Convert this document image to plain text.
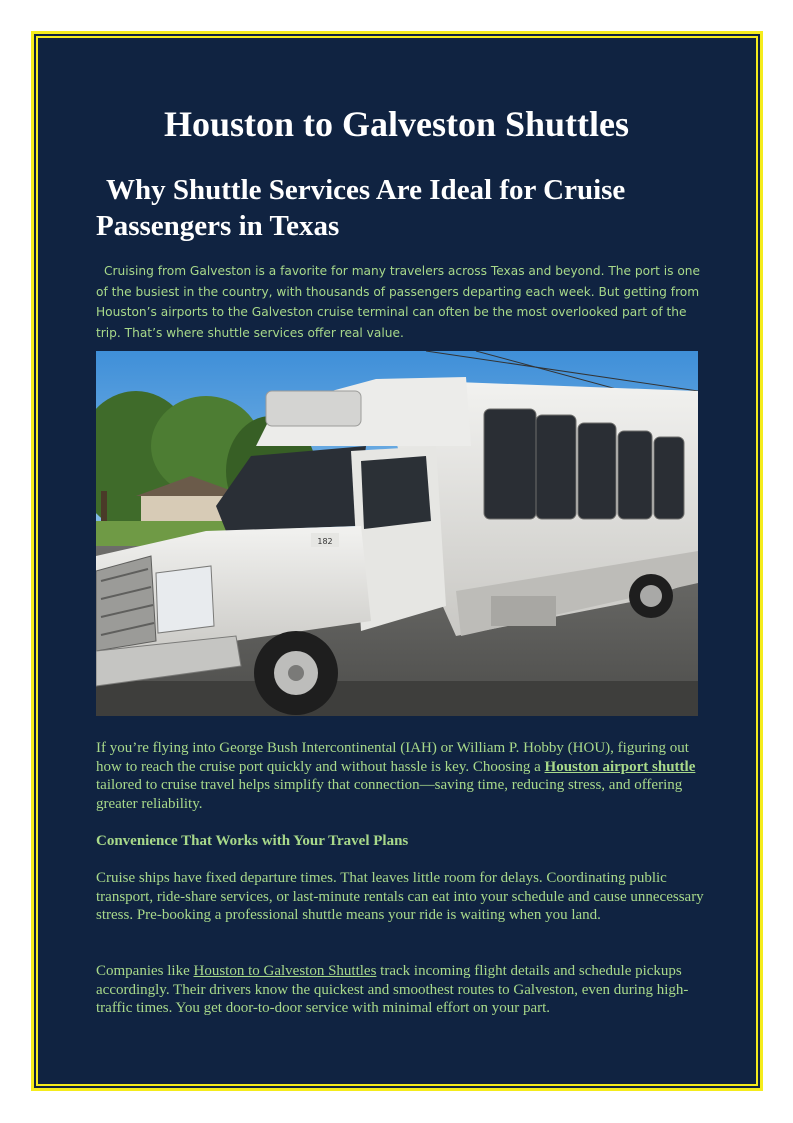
Houston to Galveston Shuttles
Why Shuttle Services Are Ideal for Cruise
Passengers in Texas

Cruising from Galveston is a favorite for many travelers across Texas and beyond. The port is one of the busiest in the country, with thousands of passengers departing each week. But getting from Houston’s airports to the Galveston cruise terminal can often be the most overlooked part of the trip. That’s where shuttle services offer real value.

182

If you’re flying into George Bush Intercontinental (IAH) or William P. Hobby (HOU), figuring out how to reach the cruise port quickly and without hassle is key. Choosing a Houston airport shuttle tailored to cruise travel helps simplify that connection—saving time, reducing stress, and offering greater reliability.

Convenience That Works with Your Travel Plans

Cruise ships have fixed departure times. That leaves little room for delays. Coordinating public transport, ride-share services, or last-minute rentals can eat into your schedule and cause unnecessary stress. Pre-booking a professional shuttle means your ride is waiting when you land.

Companies like Houston to Galveston Shuttles track incoming flight details and schedule pickups accordingly. Their drivers know the quickest and smoothest routes to Galveston, even during high-traffic times. You get door-to-door service with minimal effort on your part.
